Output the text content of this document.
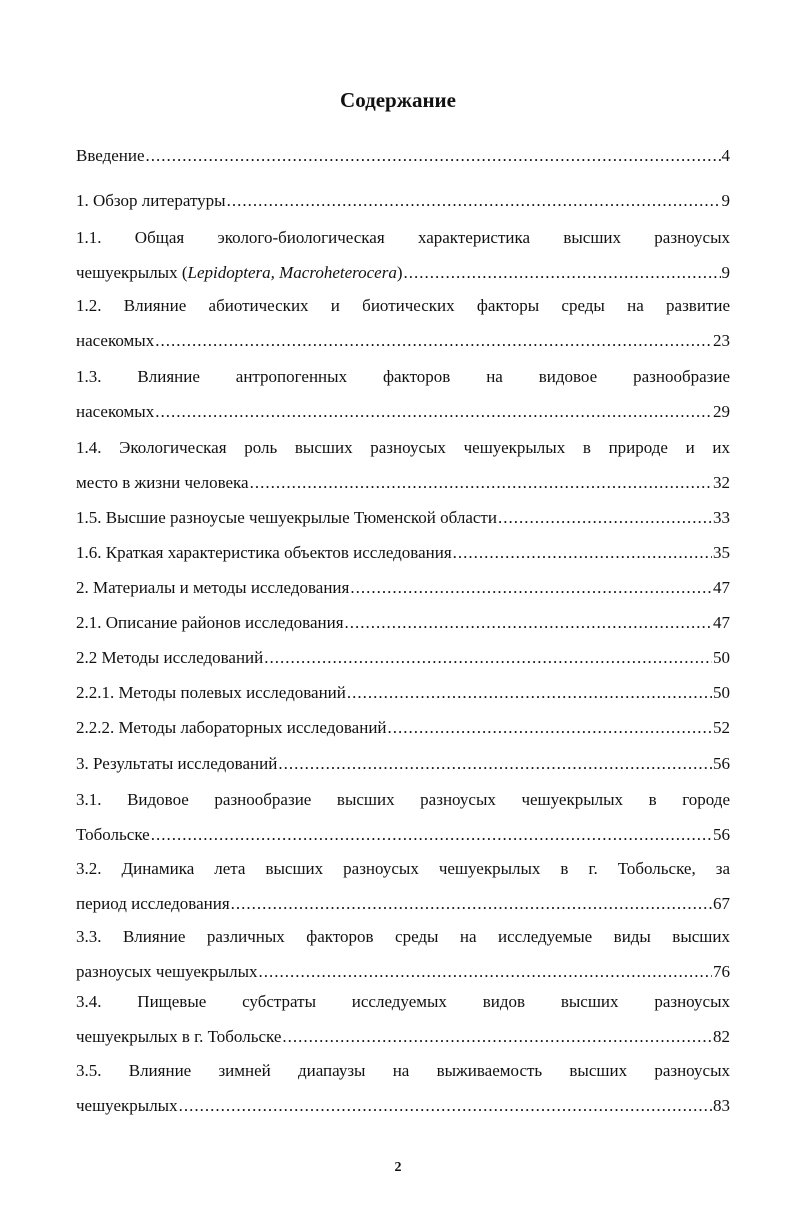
Содержание
Введение .....	4
1. Обзор литературы .....	9
1.1. Общая эколого-биологическая характеристика высших разноусых
чешуекрылых (Lepidoptera, Macroheterocera) .....	9
1.2. Влияние абиотических и биотических факторы среды на развитие
насекомых .....	23
1.3. Влияние антропогенных факторов на видовое разнообразие
насекомых .....	29
1.4. Экологическая роль высших разноусых чешуекрылых в природе и их
место в жизни человека .....	32
1.5. Высшие разноусые чешуекрылые Тюменской области .....	33
1.6. Краткая характеристика объектов исследования .....	35
2. Материалы и методы исследования .....	47
2.1. Описание районов исследования .....	47
2.2 Методы исследований .....	50
2.2.1. Методы полевых исследований .....	50
2.2.2. Методы лабораторных исследований .....	52
3. Результаты исследований .....	56
3.1. Видовое разнообразие высших разноусых чешуекрылых в городе
Тобольске .....	56
3.2. Динамика лета высших разноусых чешуекрылых в г. Тобольске, за
период исследования .....	67
3.3. Влияние различных факторов среды на исследуемые виды высших
разноусых чешуекрылых .....	76
3.4. Пищевые субстраты исследуемых видов высших разноусых
чешуекрылых в г. Тобольске .....	82
3.5. Влияние зимней диапаузы на выживаемость высших разноусых
чешуекрылых .....	83
2
